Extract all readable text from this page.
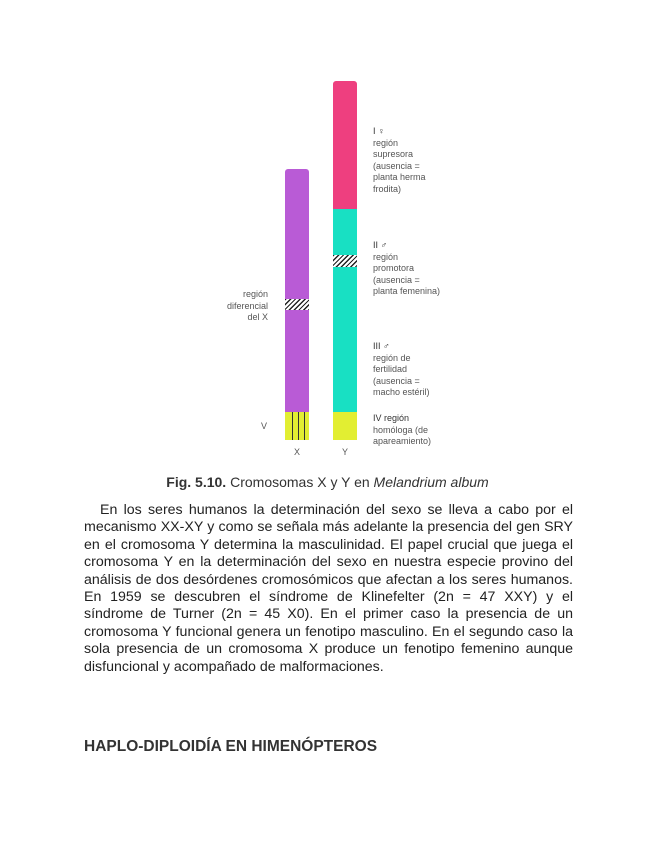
región
diferencial
del X
V
I ♀
región
supresora
(ausencia =
planta herma
frodita)
II ♂
región
promotora
(ausencia =
planta femenina)
III ♂
región de
fertilidad
(ausencia =
macho estéril)
IV región
homóloga (de
apareamiento)
X	Y
Fig. 5.10. Cromosomas X y Y en Melandrium album

En los seres humanos la determinación del sexo se lleva a cabo por el mecanismo XX-XY y como se señala más adelante la presencia del gen SRY en el cromosoma Y determina la masculinidad. El papel crucial que juega el cromosoma Y en la determinación del sexo en nuestra especie provino del análisis de dos desórdenes cromosómicos que afectan a los seres humanos. En 1959 se descubren el síndrome de Klinefelter (2n = 47 XXY) y el síndrome de Turner (2n = 45 X0). En el primer caso la presencia de un cromosoma Y funcional genera un fenotipo masculino. En el segundo caso la sola presencia de un cromosoma X produce un fenotipo femenino aunque disfuncional y acompañado de malformaciones.

HAPLO-DIPLOIDÍA EN HIMENÓPTEROS
